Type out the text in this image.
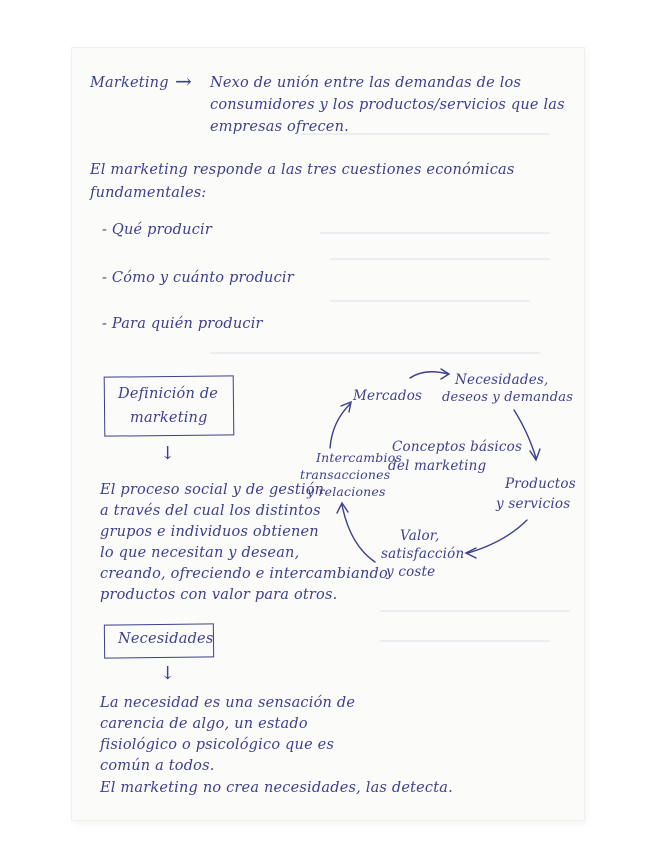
Marketing → Nexo de unión entre las demandas de los
consumidores y los productos/servicios que las
empresas ofrecen.
El marketing responde a las tres cuestiones económicas
fundamentales:
- Qué producir
- Cómo y cuánto producir
- Para quién producir
Definición de
marketing
↓
El proceso social y de gestión
a través del cual los distintos
grupos e individuos obtienen
lo que necesitan y desean,
creando, ofreciendo e intercambiando
productos con valor para otros.
Necesidades
↓
La necesidad es una sensación de
carencia de algo, un estado
fisiológico o psicológico que es
común a todos.
El marketing no crea necesidades, las detecta.
Conceptos básicos
del marketing
Mercados
Necesidades,
deseos y demandas
Productos
y servicios
Valor,
satisfacción
y coste
Intercambios
transacciones
y relaciones
